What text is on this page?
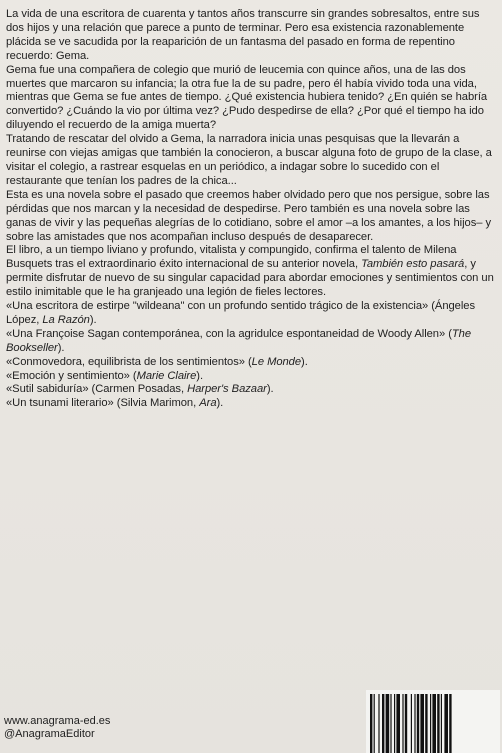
La vida de una escritora de cuarenta y tantos años transcurre sin grandes sobresaltos, entre sus dos hijos y una relación que parece a punto de terminar. Pero esa existencia razonablemente plácida se ve sacudida por la reaparición de un fantasma del pasado en forma de repentino recuerdo: Gema.

Gema fue una compañera de colegio que murió de leucemia con quince años, una de las dos muertes que marcaron su infancia; la otra fue la de su padre, pero él había vivido toda una vida, mientras que Gema se fue antes de tiempo. ¿Qué existencia hubiera tenido? ¿En quién se habría convertido? ¿Cuándo la vio por última vez? ¿Pudo despedirse de ella? ¿Por qué el tiempo ha ido diluyendo el recuerdo de la amiga muerta?

Tratando de rescatar del olvido a Gema, la narradora inicia unas pesquisas que la llevarán a reunirse con viejas amigas que también la conocieron, a buscar alguna foto de grupo de la clase, a visitar el colegio, a rastrear esquelas en un periódico, a indagar sobre lo sucedido con el restaurante que tenían los padres de la chica...

Esta es una novela sobre el pasado que creemos haber olvidado pero que nos persigue, sobre las pérdidas que nos marcan y la necesidad de despedirse. Pero también es una novela sobre las ganas de vivir y las pequeñas alegrías de lo cotidiano, sobre el amor –a los amantes, a los hijos– y sobre las amistades que nos acompañan incluso después de desaparecer.

El libro, a un tiempo liviano y profundo, vitalista y compungido, confirma el talento de Milena Busquets tras el extraordinario éxito internacional de su anterior novela, También esto pasará, y permite disfrutar de nuevo de su singular capacidad para abordar emociones y sentimientos con un estilo inimitable que le ha granjeado una legión de fieles lectores.

«Una escritora de estirpe "wildeana" con un profundo sentido trágico de la existencia» (Ángeles López, La Razón).

«Una Françoise Sagan contemporánea, con la agridulce espontaneidad de Woody Allen» (The Bookseller).

«Conmovedora, equilibrista de los sentimientos» (Le Monde).

«Emoción y sentimiento» (Marie Claire).

«Sutil sabiduría» (Carmen Posadas, Harper's Bazaar).

«Un tsunami literario» (Silvia Marimon, Ara).

www.anagrama-ed.es
@AnagramaEditor
